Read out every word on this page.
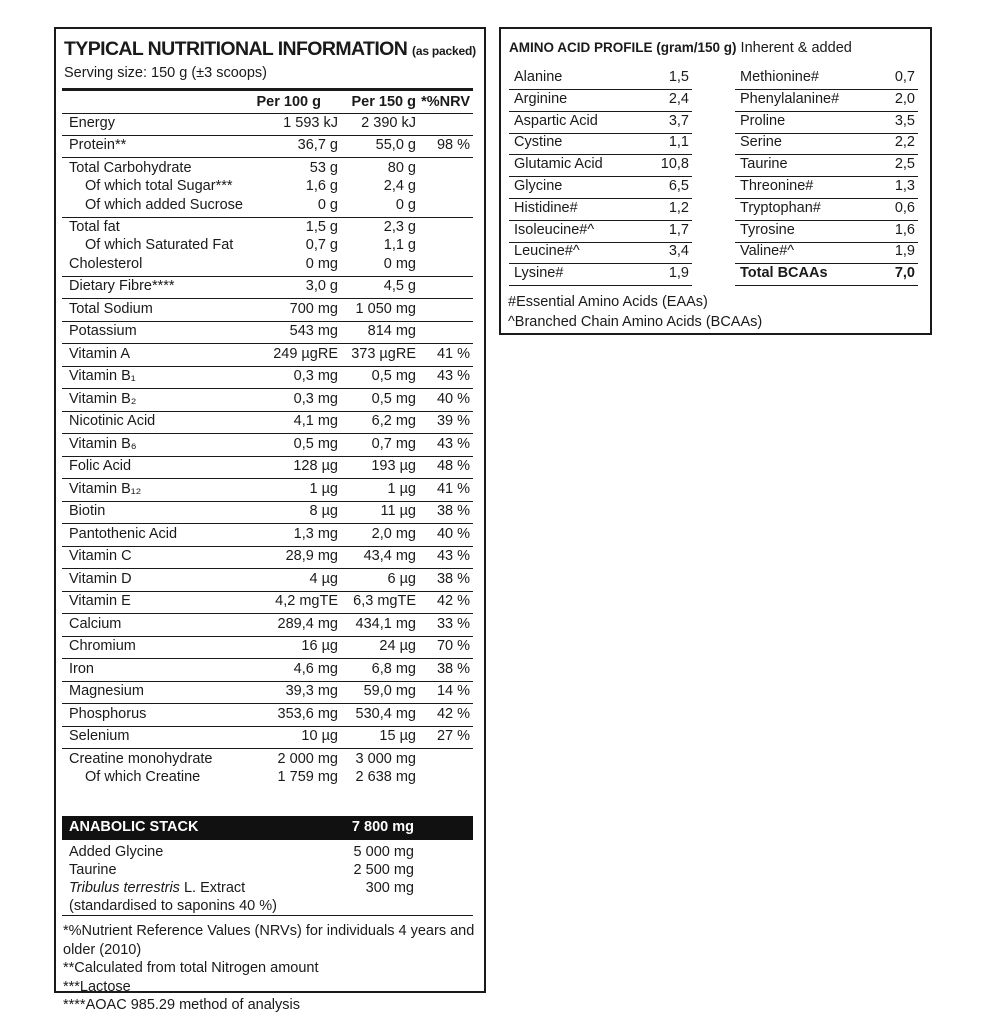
TYPICAL NUTRITIONAL INFORMATION (as packed)
Serving size: 150 g (±3 scoops)
Per 100 g Per 150 g *%NRV
Energy	1 593 kJ 2 390 kJ
Protein**	36,7 g	55,0 g 98 %
Total Carbohydrate	53 g	80 g
Of which total Sugar***	1,6 g	2,4 g
Of which added Sucrose	0 g	0 g
Total fat	1,5 g	2,3 g
Of which Saturated Fat	0,7 g	1,1 g
Cholesterol	0 mg	0 mg
Dietary Fibre****	3,0 g	4,5 g
Total Sodium	700 mg 1 050 mg
Potassium	543 mg 814 mg
Vitamin A	249 µgRE 373 µgRE 41 %
Vitamin B₁	0,3 mg 0,5 mg 43 %
Vitamin B₂	0,3 mg 0,5 mg 40 %
Nicotinic Acid	4,1 mg 6,2 mg 39 %
Vitamin B₆	0,5 mg 0,7 mg 43 %
Folic Acid	128 µg 193 µg 48 %
Vitamin B₁₂	1 µg	1 µg 41 %
Biotin	8 µg	11 µg 38 %
Pantothenic Acid	1,3 mg 2,0 mg 40 %
Vitamin C	28,9 mg 43,4 mg 43 %
Vitamin D	4 µg	6 µg 38 %
Vitamin E	4,2 mgTE 6,3 mgTE 42 %
Calcium	289,4 mg 434,1 mg 33 %
Chromium	16 µg	24 µg 70 %
Iron	4,6 mg 6,8 mg 38 %
Magnesium	39,3 mg 59,0 mg 14 %
Phosphorus	353,6 mg 530,4 mg 42 %
Selenium	10 µg	15 µg 27 %
Creatine monohydrate	2 000 mg 3 000 mg
Of which Creatine	1 759 mg 2 638 mg
ANABOLIC STACK	7 800 mg
Added Glycine	5 000 mg
Taurine	2 500 mg
Tribulus terrestris L. Extract	300 mg
(standardised to saponins 40 %)
*%Nutrient Reference Values (NRVs) for individuals 4 years and older (2010)
**Calculated from total Nitrogen amount
***Lactose
****AOAC 985.29 method of analysis
AMINO ACID PROFILE (gram/150 g) Inherent & added
Alanine	1,5
Arginine	2,4
Aspartic Acid	3,7
Cystine	1,1
Glutamic Acid	10,8
Glycine	6,5
Histidine#	1,2
Isoleucine#^	1,7
Leucine#^	3,4
Lysine#	1,9
Methionine#	0,7
Phenylalanine#	2,0
Proline	3,5
Serine	2,2
Taurine	2,5
Threonine#	1,3
Tryptophan#	0,6
Tyrosine	1,6
Valine#^	1,9
Total BCAAs	7,0
#Essential Amino Acids (EAAs)
^Branched Chain Amino Acids (BCAAs)
